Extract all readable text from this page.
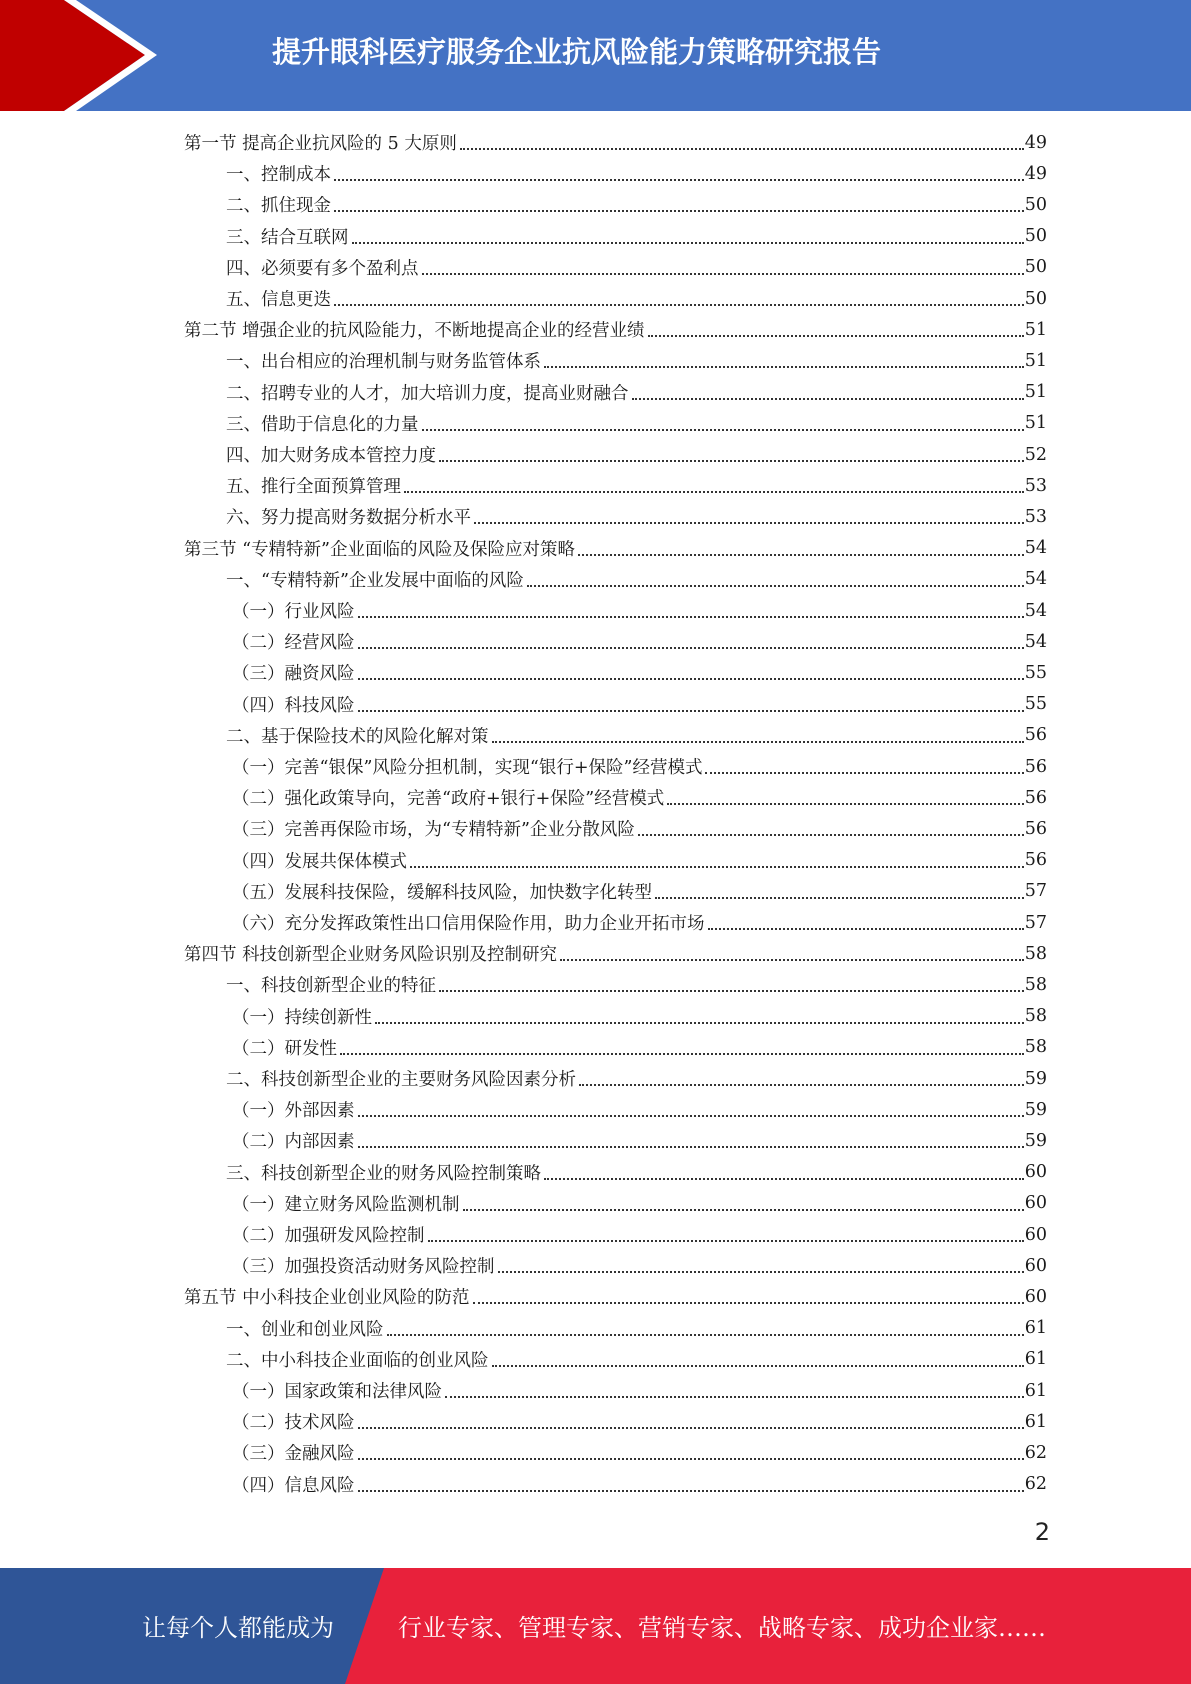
提升眼科医疗服务企业抗风险能力策略研究报告
第一节 提高企业抗风险的 5 大原则	49
一、控制成本	49
二、抓住现金	50
三、结合互联网	50
四、必须要有多个盈利点	50
五、信息更迭	50
第二节 增强企业的抗风险能力，不断地提高企业的经营业绩	51
一、出台相应的治理机制与财务监管体系	51
二、招聘专业的人才，加大培训力度，提高业财融合	51
三、借助于信息化的力量	51
四、加大财务成本管控力度	52
五、推行全面预算管理	53
六、努力提高财务数据分析水平	53
第三节 “专精特新”企业面临的风险及保险应对策略	54
一、“专精特新”企业发展中面临的风险	54
（一）行业风险	54
（二）经营风险	54
（三）融资风险	55
（四）科技风险	55
二、基于保险技术的风险化解对策	56
（一）完善“银保”风险分担机制，实现“银行+保险”经营模式	56
（二）强化政策导向，完善“政府+银行+保险”经营模式	56
（三）完善再保险市场，为“专精特新”企业分散风险	56
（四）发展共保体模式	56
（五）发展科技保险，缓解科技风险，加快数字化转型	57
（六）充分发挥政策性出口信用保险作用，助力企业开拓市场	57
第四节 科技创新型企业财务风险识别及控制研究	58
一、科技创新型企业的特征	58
（一）持续创新性	58
（二）研发性	58
二、科技创新型企业的主要财务风险因素分析	59
（一）外部因素	59
（二）内部因素	59
三、科技创新型企业的财务风险控制策略	60
（一）建立财务风险监测机制	60
（二）加强研发风险控制	60
（三）加强投资活动财务风险控制	60
第五节 中小科技企业创业风险的防范	60
一、创业和创业风险	61
二、中小科技企业面临的创业风险	61
（一）国家政策和法律风险	61
（二）技术风险	61
（三）金融风险	62
（四）信息风险	62
2
让每个人都能成为	行业专家、管理专家、营销专家、战略专家、成功企业家……
